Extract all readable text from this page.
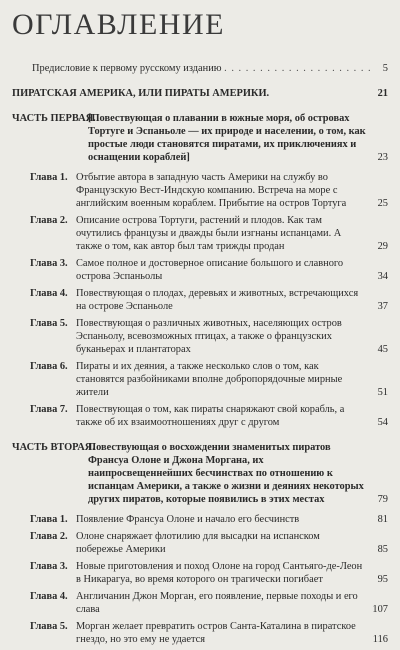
ОГЛАВЛЕНИЕ
Предисловие к первому русскому изданию . . . . . . . . . . . . . . . . . . . . . 5
ПИРАТСКАЯ АМЕРИКА, ИЛИ ПИРАТЫ АМЕРИКИ.	21
ЧАСТЬ ПЕРВАЯ.
[Повествующая о плавании в южные моря, об островах Тортуге и Эспаньоле — их природе и населении, о том, как простые люди становятся пиратами, их приключениях и оснащении кораблей]	23
Глава 1. Отбытие автора в западную часть Америки на службу во Французскую Вест-Индскую компанию. Встреча на море с английским военным кораблем. Прибытие на остров Тортуга	25
Глава 2. Описание острова Тортуги, растений и плодов. Как там очутились французы и дважды были изгнаны испанцами. А также о том, как автор был там трижды продан	29
Глава 3. Самое полное и достоверное описание большого и славного острова Эспаньолы	34
Глава 4. Повествующая о плодах, деревьях и животных, встречающихся на острове Эспаньоле	37
Глава 5. Повествующая о различных животных, населяющих остров Эспаньолу, всевозможных птицах, а также о французских буканьерах и плантаторах	45
Глава 6. Пираты и их деяния, а также несколько слов о том, как становятся разбойниками вполне добропорядочные мирные жители	51
Глава 7. Повествующая о том, как пираты снаряжают свой корабль, а также об их взаимоотношениях друг с другом	54
ЧАСТЬ ВТОРАЯ.
Повествующая о восхождении знаменитых пиратов Франсуа Олоне и Джона Моргана, их наипросвещеннейших бесчинствах по отношению к испанцам Америки, а также о жизни и деяниях некоторых других пиратов, которые появились в этих местах	79
Глава 1. Появление Франсуа Олоне и начало его бесчинств	81
Глава 2. Олоне снаряжает флотилию для высадки на испанском побережье Америки	85
Глава 3. Новые приготовления и поход Олоне на город Сантьяго-де-Леон в Никарагуа, во время которого он трагически погибает	95
Глава 4. Англичанин Джон Морган, его появление, первые походы и его слава	107
Глава 5. Морган желает превратить остров Санта-Каталина в пиратское гнездо, но это ему не удается	116
